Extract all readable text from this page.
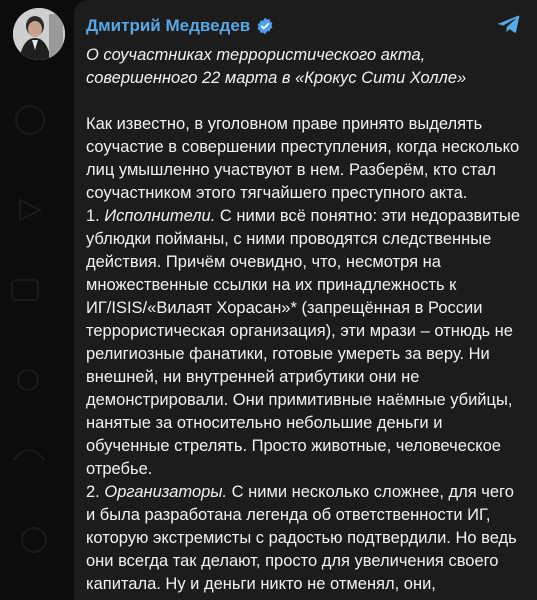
Дмитрий Медведев
О соучастниках террористического акта, совершенного 22 марта в «Крокус Сити Холле»
Как известно, в уголовном праве принято выделять соучастие в совершении преступления, когда несколько лиц умышленно участвуют в нем. Разберём, кто стал соучастником этого тягчайшего преступного акта.
1. Исполнители. С ними всё понятно: эти недоразвитые ублюдки пойманы, с ними проводятся следственные действия. Причём очевидно, что, несмотря на множественные ссылки на их принадлежность к ИГ/ISIS/«Вилаят Хорасан»* (запрещённая в России террористическая организация), эти мрази – отнюдь не религиозные фанатики, готовые умереть за веру. Ни внешней, ни внутренней атрибутики они не демонстрировали. Они примитивные наёмные убийцы, нанятые за относительно небольшие деньги и обученные стрелять. Просто животные, человеческое отребье.
2. Организаторы. С ними несколько сложнее, для чего и была разработана легенда об ответственности ИГ, которую экстремисты с радостью подтвердили. Но ведь они всегда так делают, просто для увеличения своего капитала. Ну и деньги никто не отменял, они,
